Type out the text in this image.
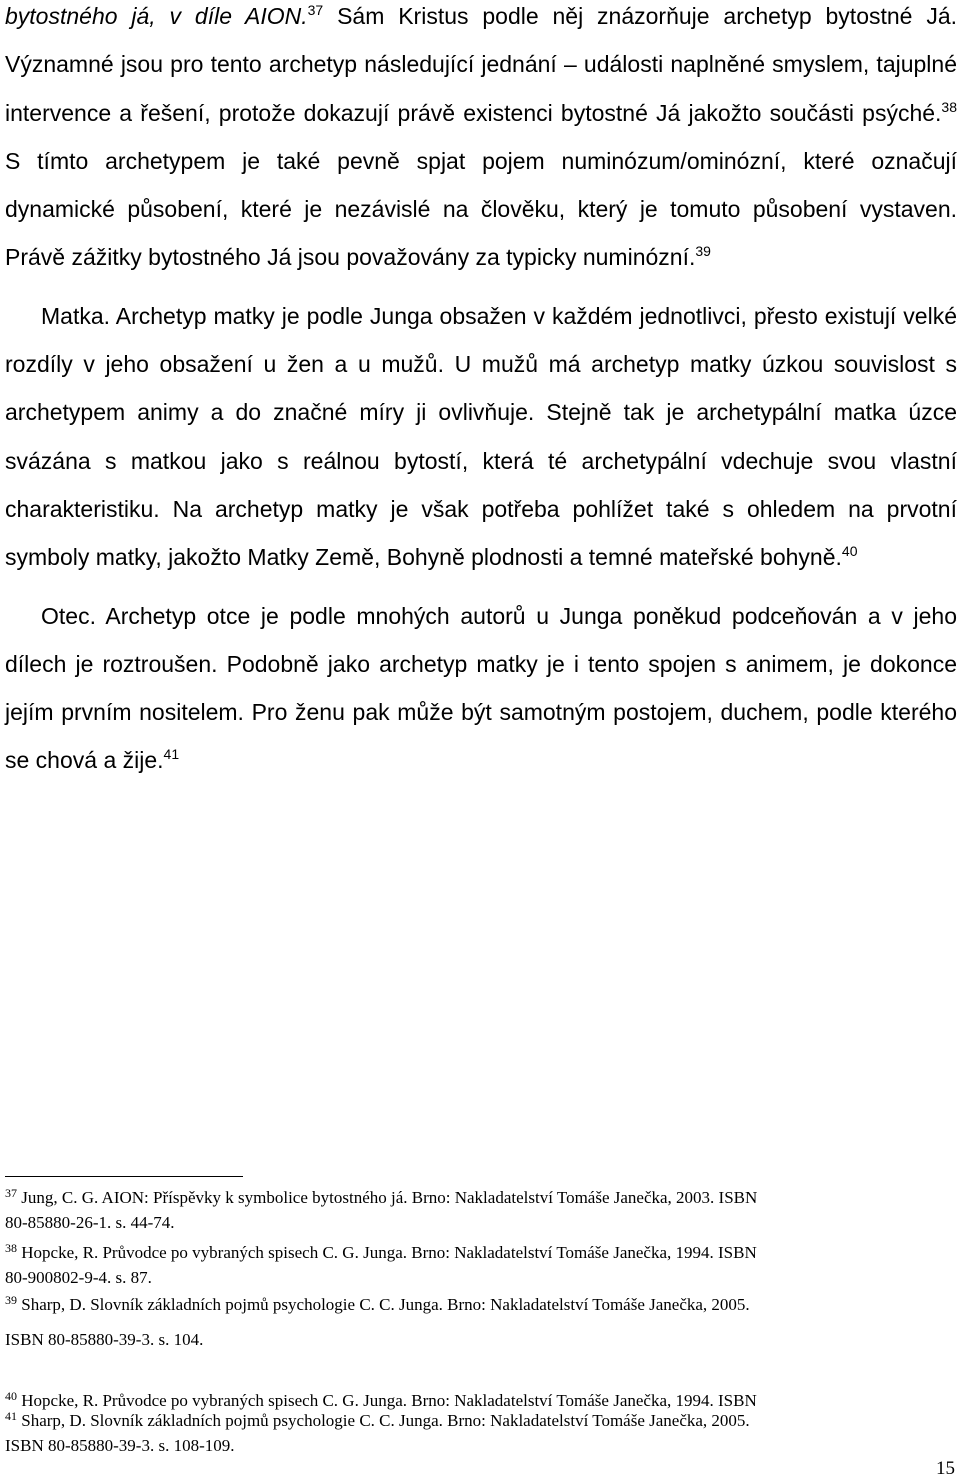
bytostného já, v díle AION.$^{37}$ Sám Kristus podle něj znázorňuje archetyp bytostné Já. Významné jsou pro tento archetyp následující jednání – události naplněné smyslem, tajuplné intervence a řešení, protože dokazují právě existenci bytostné Já jakožto součásti psýché.$^{38}$ S tímto archetypem je také pevně spjat pojem numinózum/ominózní, které označují dynamické působení, které je nezávislé na člověku, který je tomuto působení vystaven. Právě zážitky bytostného Já jsou považovány za typicky numinózní.$^{39}$

Matka. Archetyp matky je podle Junga obsažen v každém jednotlivci, přesto existují velké rozdíly v jeho obsažení u žen a u mužů. U mužů má archetyp matky úzkou souvislost s archetypem animy a do značné míry ji ovlivňuje. Stejně tak je archetypální matka úzce svázána s matkou jako s reálnou bytostí, která té archetypální vdechuje svou vlastní charakteristiku. Na archetyp matky je však potřeba pohlížet také s ohledem na prvotní symboly matky, jakožto Matky Země, Bohyně plodnosti a temné mateřské bohyně.$^{40}$

Otec. Archetyp otce je podle mnohých autorů u Junga poněkud podceňován a v jeho dílech je roztroušen. Podobně jako archetyp matky je i tento spojen s animem, je dokonce jejím prvním nositelem. Pro ženu pak může být samotným postojem, duchem, podle kterého se chová a žije.$^{41}$

$^{37}$ Jung, C. G. AION: Příspěvky k symbolice bytostného já. Brno: Nakladatelství Tomáše Janečka, 2003. ISBN
80-85880-26-1. s. 44-74.

$^{38}$ Hopcke, R. Průvodce po vybraných spisech C. G. Junga. Brno: Nakladatelství Tomáše Janečka, 1994. ISBN
80-900802-9-4. s. 87.

$^{39}$ Sharp, D. Slovník základních pojmů psychologie C. C. Junga. Brno: Nakladatelství Tomáše Janečka, 2005.

ISBN 80-85880-39-3. s. 104.

$^{40}$ Hopcke, R. Průvodce po vybraných spisech C. G. Junga. Brno: Nakladatelství Tomáše Janečka, 1994. ISBN

$^{41}$ Sharp, D. Slovník základních pojmů psychologie C. C. Junga. Brno: Nakladatelství Tomáše Janečka, 2005.
ISBN 80-85880-39-3. s. 108-109.

15
